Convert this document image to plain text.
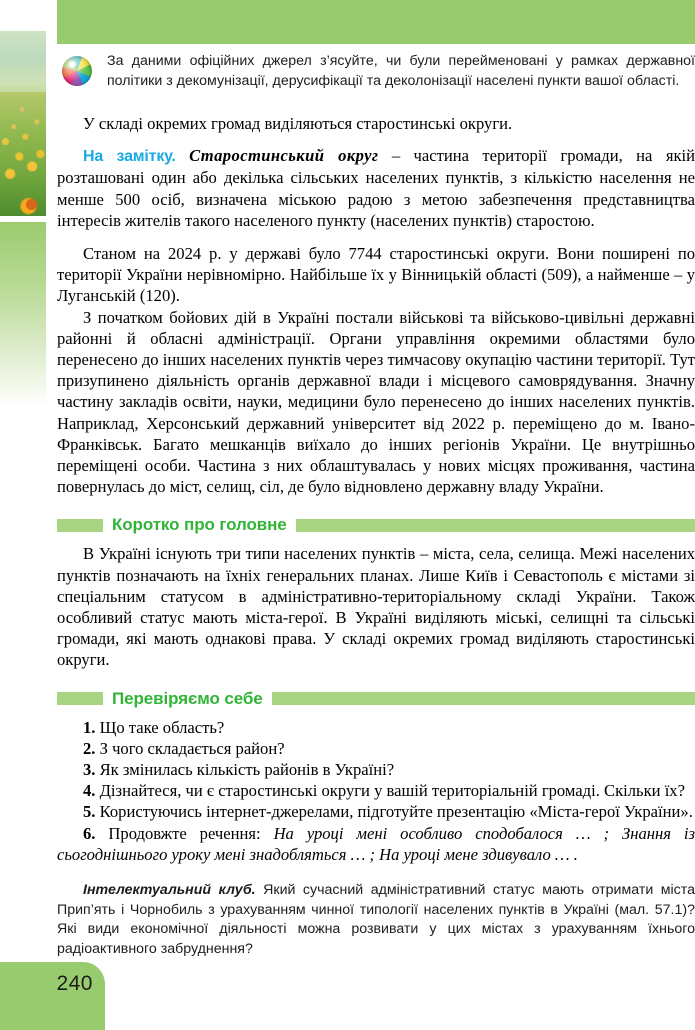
240
За даними офіційних джерел з’ясуйте, чи були перейменовані у рамках державної політики з декомунізації, дерусифікації та деколонізації населені пункти вашої області.

У складі окремих громад виділяються старостинські округи.

На замітку. Старостинський округ – частина території громади, на якій розташовані один або декілька сільських населених пунктів, з кількістю населення не менше 500 осіб, визначена міською радою з метою забезпечення представництва інтересів жителів такого населеного пункту (населених пунктів) старостою.

Станом на 2024 р. у державі було 7744 старостинські округи. Вони поширені по території України нерівномірно. Найбільше їх у Вінницькій області (509), а найменше – у Луганській (120).

З початком бойових дій в Україні постали військові та військово-цивільні державні районні й обласні адміністрації. Органи управління окремими областями було перенесено до інших населених пунктів через тимчасову окупацію частини території. Тут призупинено діяльність органів державної влади і місцевого самоврядування. Значну частину закладів освіти, науки, медицини було перенесено до інших населених пунктів. Наприклад, Херсонський державний університет від 2022 р. переміщено до м. Івано-Франківськ. Багато мешканців виїхало до інших регіонів України. Це внутрішньо переміщені особи. Частина з них облаштувалась у нових місцях проживання, частина повернулась до міст, селищ, сіл, де було відновлено державну владу України.

Коротко про головне

В Україні існують три типи населених пунктів – міста, села, селища. Межі населених пунктів позначають на їхніх генеральних планах. Лише Київ і Севастополь є містами зі спеціальним статусом в адміністративно-територіальному складі України. Також особливий статус мають міста-герої. В Україні виділяють міські, селищні та сільські громади, які мають однакові права. У складі окремих громад виділяють старостинські округи.

Перевіряємо себе
1. Що таке область?
2. З чого складається район?
3. Як змінилась кількість районів в Україні?
4. Дізнайтеся, чи є старостинські округи у вашій територіальній громаді. Скільки їх?
5. Користуючись інтернет-джерелами, підготуйте презентацію «Міста-герої України».
6. Продовжте речення: На уроці мені особливо сподобалося … ; Знання із сьогоднішнього уроку мені знадобляться … ; На уроці мене здивувало … .

Інтелектуальний клуб. Який сучасний адміністративний статус мають отримати міста Прип’ять і Чорнобиль з урахуванням чинної типології населених пунктів в Україні (мал. 57.1)? Які види економічної діяльності можна розвивати у цих містах з урахуванням їхнього радіоактивного забруднення?
